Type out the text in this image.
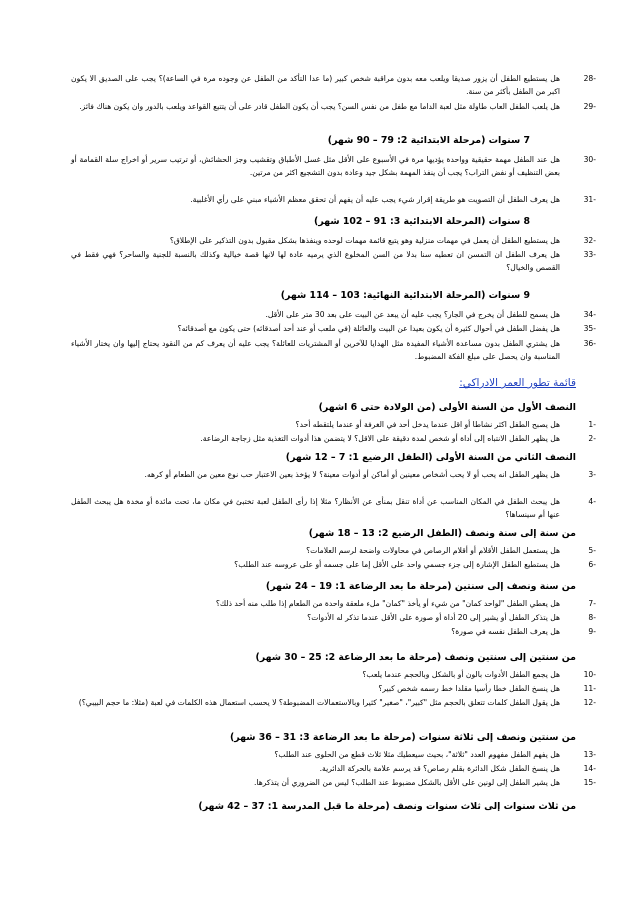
-28
هل يستطيع الطفل أن يزور صديقا ويلعب معه بدون مراقبة شخص كبير (ما عدا التأكد من الطفل عن وجوده مرة في الساعة)؟ يجب على الصديق الا يكون اكبر من الطفل بأكثر من سنة.
-29
هل يلعب الطفل العاب طاولة مثل لعبة الداما مع طفل من نفس السن؟ يجب أن يكون الطفل قادر على أن يتتبع القواعد ويلعب بالدور وان يكون هناك فائز.
7 سنوات (مرحلة الابتدائية 2: 79 – 90 شهر)
-30
هل عند الطفل مهمة حقيقية وواحدة يؤديها مرة في الأسبوع على الأقل مثل غسل الأطباق وتقشيب وجز الحشائش، أو ترتيب سرير أو اخراج سلة القمامة أو بعض التنظيف أو نفض التراب؟ يجب أن ينفذ المهمة بشكل جيد وعادة بدون التشجيع اكثر من مرتين.
-31
هل يعرف الطفل أن التصويت هو طريقة إقرار شيء يجب عليه أن يفهم أن تحقق معظم الأشياء مبني على رأي الأغلبية.
8 سنوات (المرحلة الابتدائية 3: 91 – 102 شهر)
-32
هل يستطيع الطفل أن يعمل في مهمات منزلية وهو يتبع قائمة مهمات لوحده وينفذها بشكل مقبول بدون التذكير على الإطلاق؟
-33
هل يعرف الطفل ان التمسن ان تعطيه سنا بدلا من السن المخلوع الذي يرميه عادة لها لانها قصة خيالية وكذلك بالنسبة للجنية والساحر؟ فهي فقط في القصص والخيال؟
9 سنوات (المرحلة الابتدائية النهائية: 103 – 114 شهر)
-34
هل يسمح للطفل أن يخرج في الجار؟ يجب عليه أن يبعد عن البيت على بعد 30 متر على الأقل.
-35
هل يفضل الطفل في أحوال كثيرة أن يكون بعيدا عن البيت والعائلة (في ملعب أو عند أحد أصدقائه) حتى يكون مع أصدقائه؟
-36
هل يشتري الطفل بدون مساعدة الأشياء المفيدة مثل الهدايا للآخرين أو المشتريات للعائلة؟ يجب عليه أن يعرف كم من النقود يحتاج إليها وان يختار الأشياء المناسبة وان يحصل على مبلغ الفكة المضبوط.
قائمة تطور العمر الادراكي:
النصف الأول من السنة الأولى (من الولادة حتى 6 اشهر)
-1
هل يصبح الطفل اكثر نشاطا أو اقل عندما يدخل أحد في الغرفة أو عندما يلتقطه أحد؟
-2
هل يظهر الطفل الانتباه إلى أداة أو شخص لمدة دقيقة على الاقل؟ لا يتضمن هذا أدوات التغذية مثل زجاجة الرضاعة.
النصف الثاني من السنة الأولى (الطفل الرضيع 1: 7 – 12 شهر)
-3
هل يظهر الطفل انه يحب أو لا يحب أشخاص معينين أو أماكن أو أدوات معينة؟ لا يؤخذ بعين الاعتبار حب نوع معين من الطعام أو كرهه.
-4
هل يبحث الطفل في المكان المناسب عن أداة تنقل بمنأى عن الأنظار؟ مثلا إذا رأى الطفل لعبة تختبئ في مكان ما، تحت مائدة أو مخدة هل يبحث الطفل عنها أم سينساها؟
من سنة إلى سنة ونصف (الطفل الرضيع 2: 13 – 18 شهر)
-5
هل يستعمل الطفل الأقلام أو أقلام الرصاص في محاولات واضحة لرسم العلامات؟
-6
هل يستطيع الطفل الإشارة إلى جزء جسمي واحد على الأقل إما على جسمه أو على عروسه عند الطلب؟
من سنة ونصف إلى سنتين (مرحلة ما بعد الرضاعة 1: 19 – 24 شهر)
-7
هل يعطي الطفل "لواحد كمان" من شيء أو يأخذ "كمان" ملء ملعقة واحدة من الطعام إذا طلب منه أحد ذلك؟
-8
هل يتذكر الطفل أو يشير إلى 20 أداة أو صورة على الأقل عندما تذكر له الأدوات؟
-9
هل يعرف الطفل نفسه في صورة؟
من سنتين إلى سنتين ونصف (مرحلة ما بعد الرضاعة 2: 25 – 30 شهر)
-10
هل يجمع الطفل الأدوات بالون أو بالشكل وبالحجم عندما يلعب؟
-11
هل ينسخ الطفل خطا رأسيا مقلدا خط رسمه شخص كبير؟
-12
هل يقول الطفل كلمات تتعلق بالحجم مثل "كبير"، "صغير" كثيرا وبالاستعمالات المضبوطة؟ لا يحسب استعمال هذه الكلمات في لعبة (مثلا: ما حجم البيبي؟)
من سنتين ونصف إلى ثلاثة سنوات (مرحلة ما بعد الرضاعة 3: 31 – 36 شهر)
-13
هل يفهم الطفل مفهوم العدد "ثلاثة"، بحيث سيعطيك مثلا ثلاث قطع من الحلوى عند الطلب؟
-14
هل ينسخ الطفل شكل الدائرة بقلم رصاص؟ قد يرسم علامة بالحركة الدائرية.
-15
هل يشير الطفل إلى لونين على الأقل بالشكل مضبوط عند الطلب؟ ليس من الضروري أن يتذكرها.
من ثلاث سنوات إلى ثلاث سنوات ونصف (مرحلة ما قبل المدرسة 1: 37 – 42 شهر)
